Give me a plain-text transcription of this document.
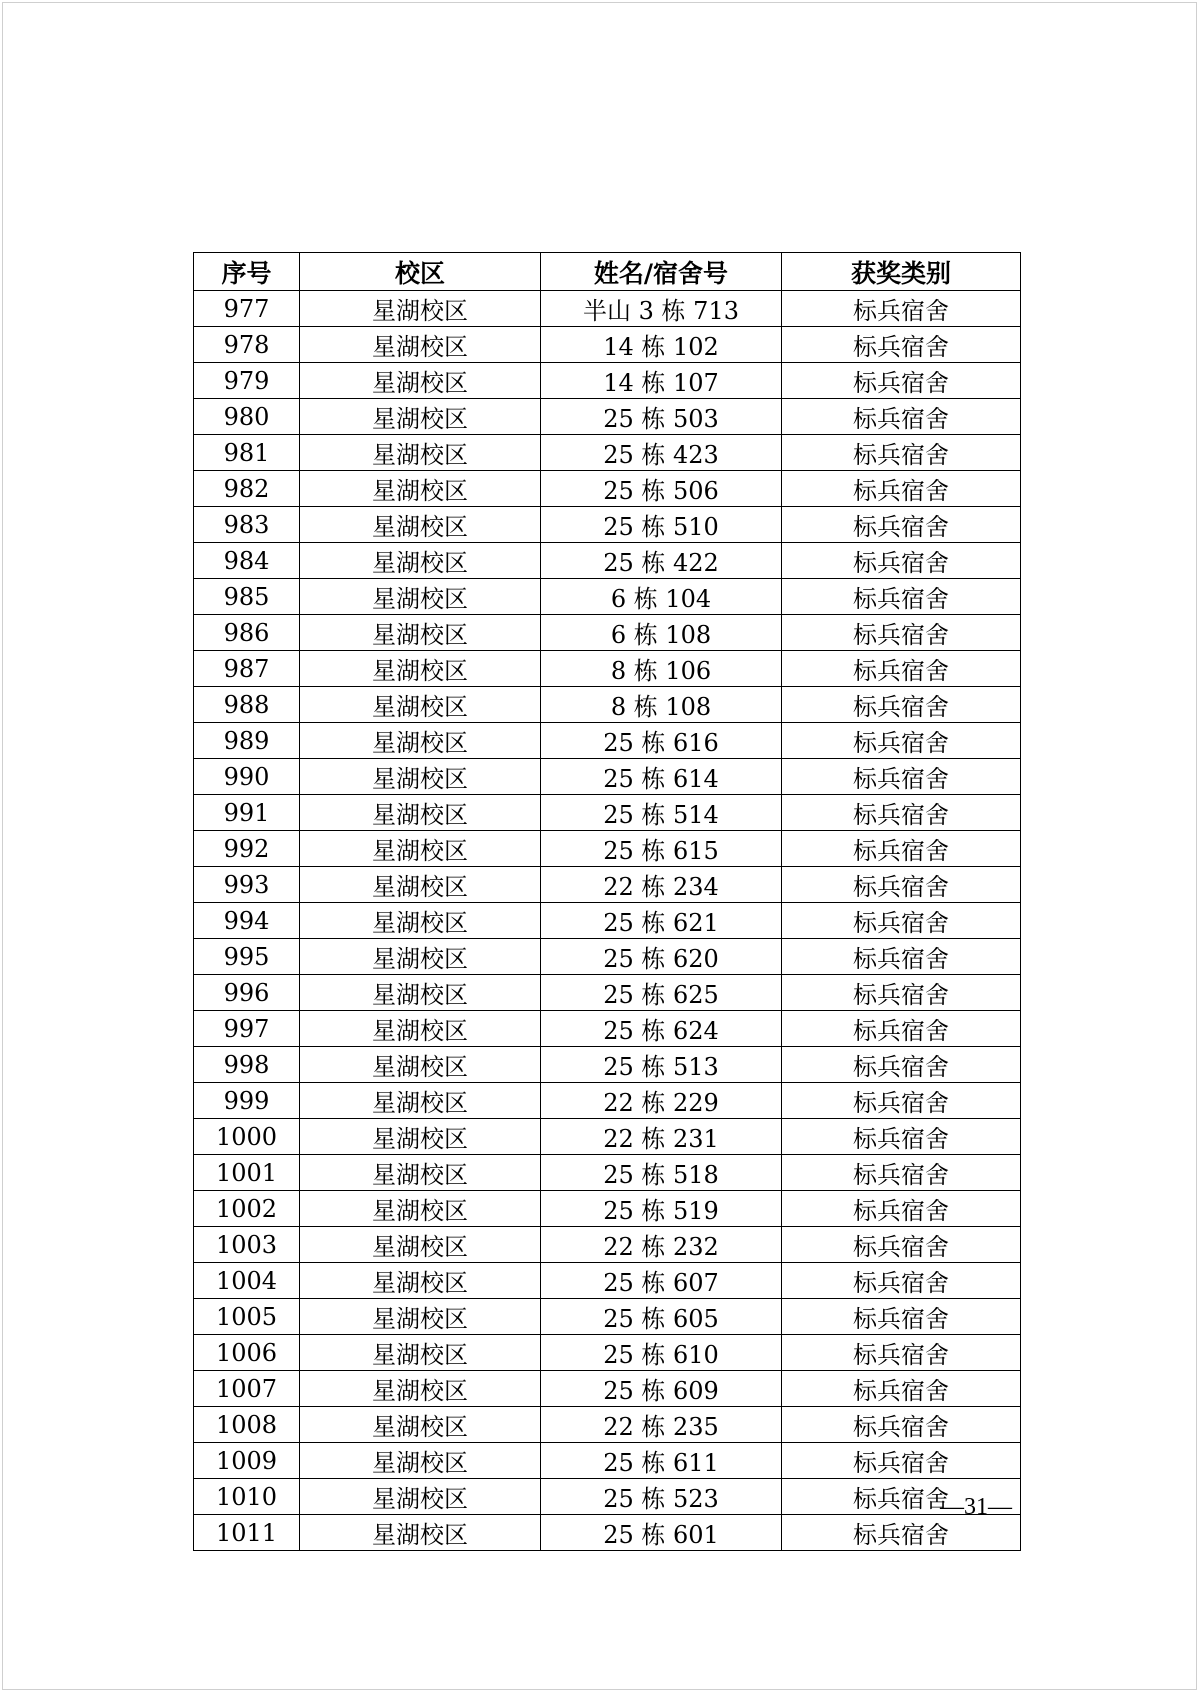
序号	校区	姓名/宿舍号	获奖类别
977	星湖校区	半山 3 栋 713	标兵宿舍
978	星湖校区	14 栋 102	标兵宿舍
979	星湖校区	14 栋 107	标兵宿舍
980	星湖校区	25 栋 503	标兵宿舍
981	星湖校区	25 栋 423	标兵宿舍
982	星湖校区	25 栋 506	标兵宿舍
983	星湖校区	25 栋 510	标兵宿舍
984	星湖校区	25 栋 422	标兵宿舍
985	星湖校区	6 栋 104	标兵宿舍
986	星湖校区	6 栋 108	标兵宿舍
987	星湖校区	8 栋 106	标兵宿舍
988	星湖校区	8 栋 108	标兵宿舍
989	星湖校区	25 栋 616	标兵宿舍
990	星湖校区	25 栋 614	标兵宿舍
991	星湖校区	25 栋 514	标兵宿舍
992	星湖校区	25 栋 615	标兵宿舍
993	星湖校区	22 栋 234	标兵宿舍
994	星湖校区	25 栋 621	标兵宿舍
995	星湖校区	25 栋 620	标兵宿舍
996	星湖校区	25 栋 625	标兵宿舍
997	星湖校区	25 栋 624	标兵宿舍
998	星湖校区	25 栋 513	标兵宿舍
999	星湖校区	22 栋 229	标兵宿舍
1000	星湖校区	22 栋 231	标兵宿舍
1001	星湖校区	25 栋 518	标兵宿舍
1002	星湖校区	25 栋 519	标兵宿舍
1003	星湖校区	22 栋 232	标兵宿舍
1004	星湖校区	25 栋 607	标兵宿舍
1005	星湖校区	25 栋 605	标兵宿舍
1006	星湖校区	25 栋 610	标兵宿舍
1007	星湖校区	25 栋 609	标兵宿舍
1008	星湖校区	22 栋 235	标兵宿舍
1009	星湖校区	25 栋 611	标兵宿舍
1010	星湖校区	25 栋 523	标兵宿舍
1011	星湖校区	25 栋 601	标兵宿舍
—31—
